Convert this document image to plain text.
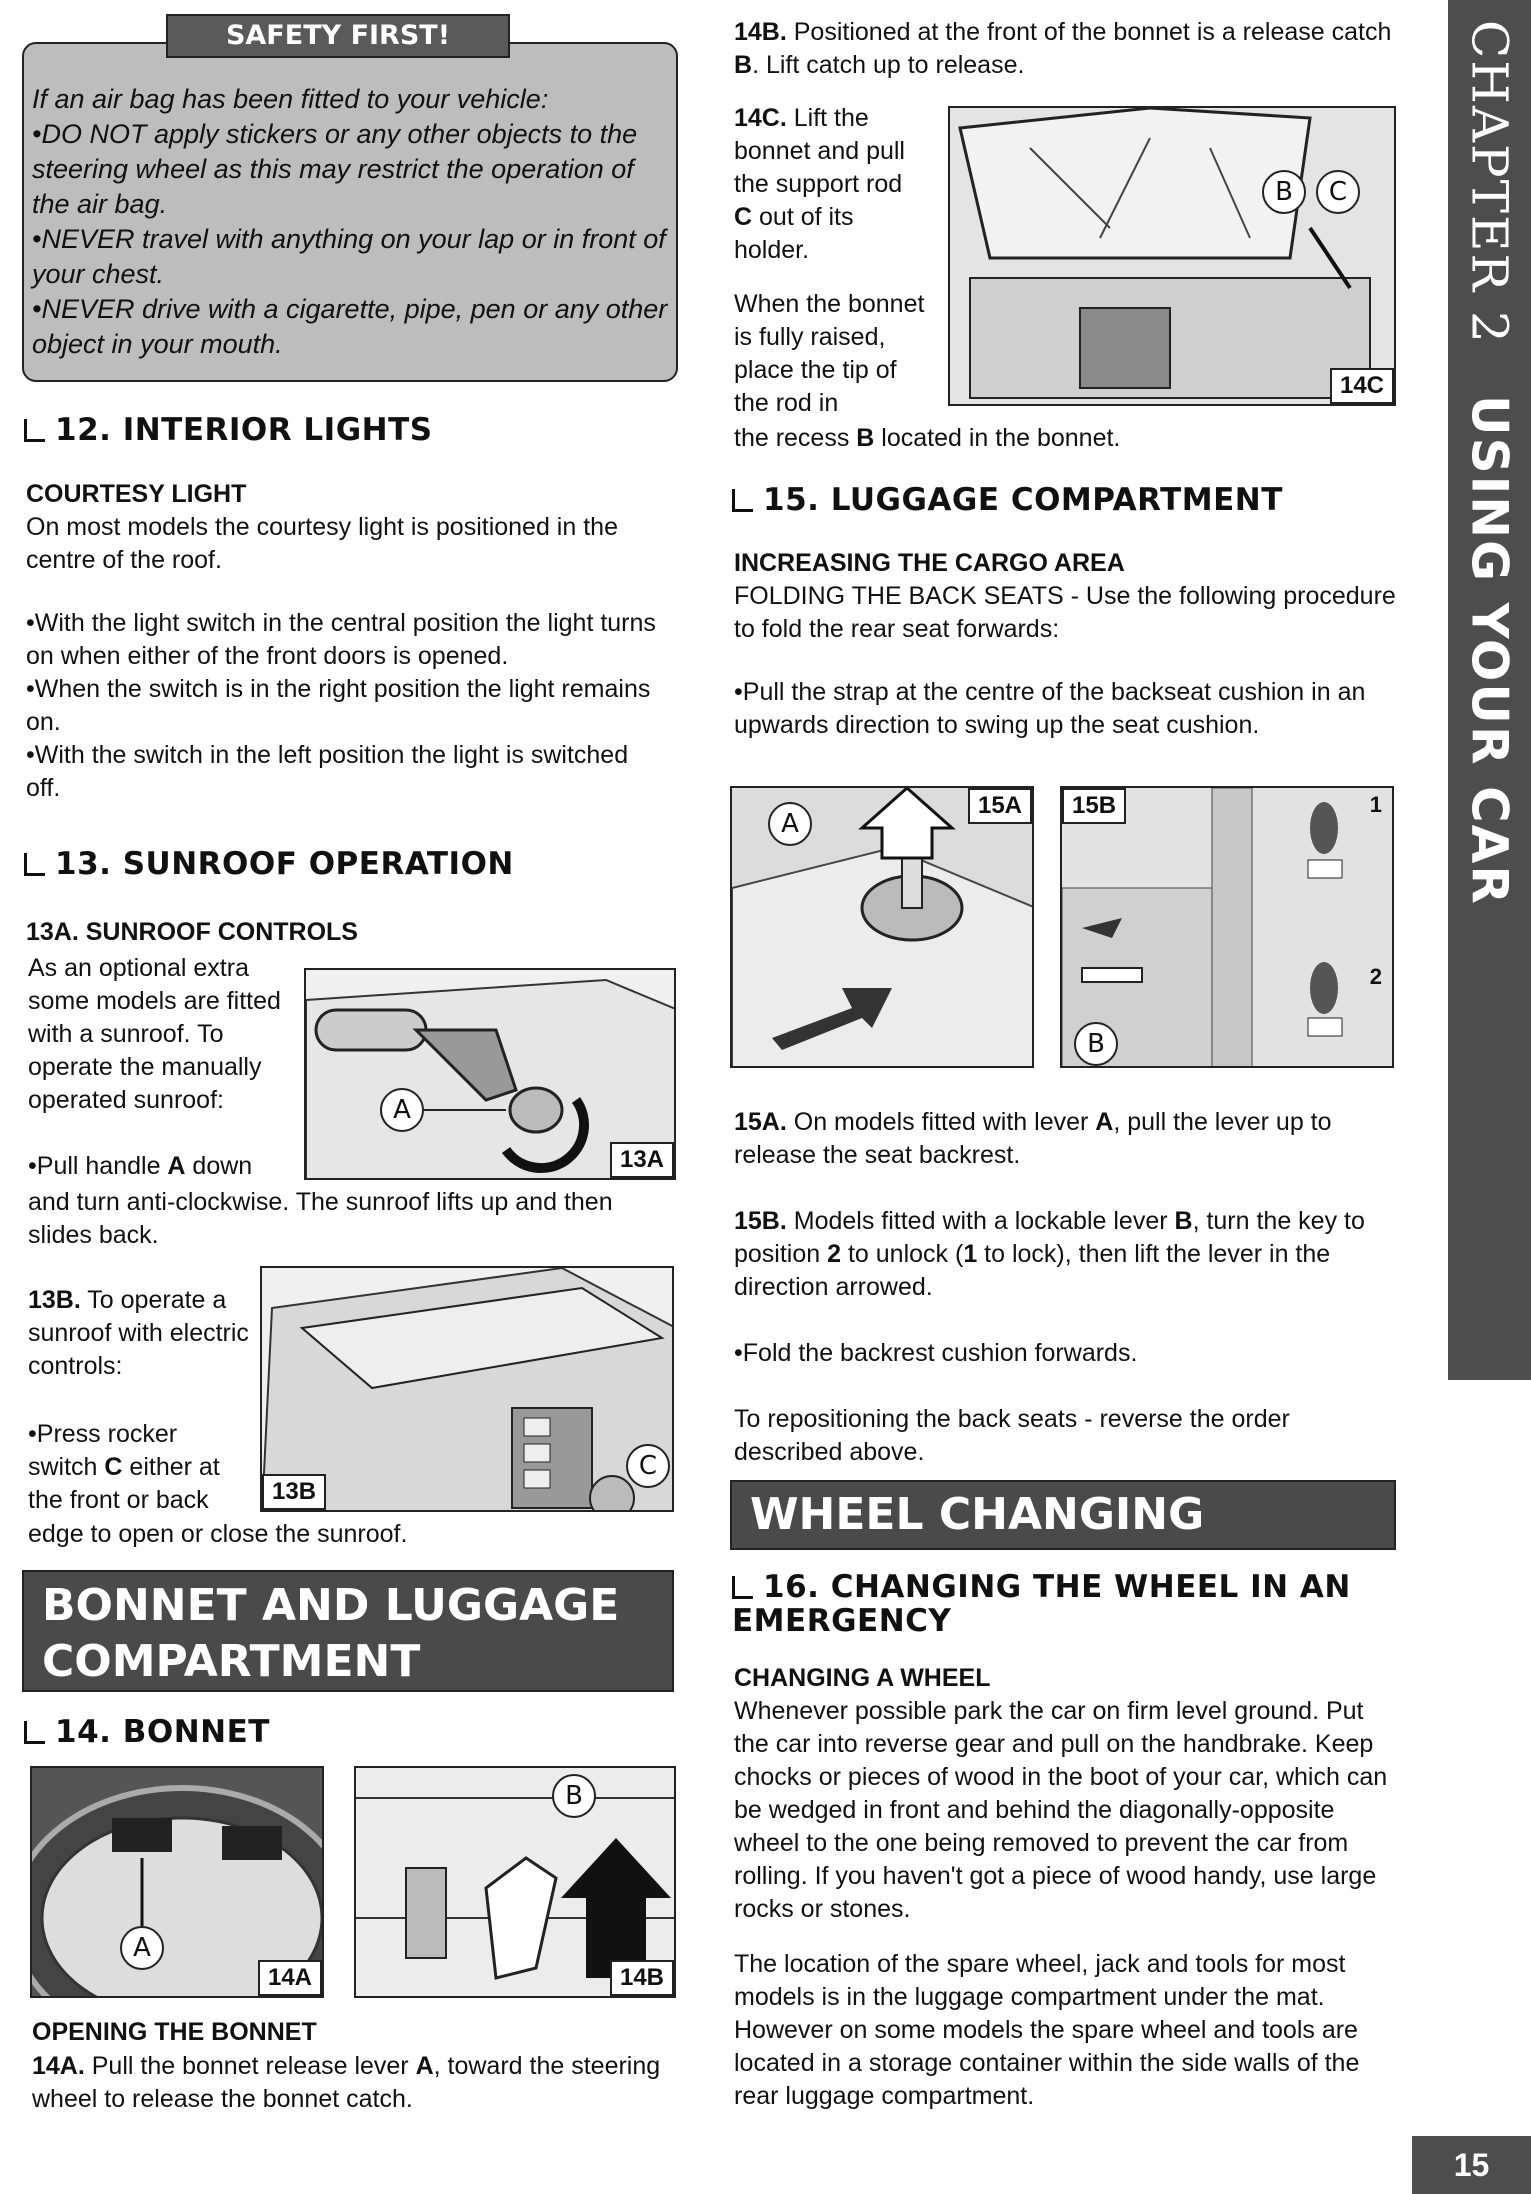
SAFETY FIRST!

If an air bag has been fitted to your vehicle:

• DO NOT apply stickers or any other objects to the steering wheel as this may restrict the operation of the air bag.

• NEVER travel with anything on your lap or in front of your chest.

• NEVER drive with a cigarette, pipe, pen or any other object in your mouth.

12. INTERIOR LIGHTS

COURTESY LIGHT

On most models the courtesy light is positioned in the centre of the roof.

• With the light switch in the central position the light turns on when either of the front doors is opened.

• When the switch is in the right position the light remains on.

• With the switch in the left position the light is switched off.

13. SUNROOF OPERATION

13A. SUNROOF CONTROLS

As an optional extra some models are fitted with a sunroof. To operate the manually operated sunroof:

• Pull handle A down

and turn anti-clockwise. The sunroof lifts up and then slides back.

A
13A

13B. To operate a sunroof with electric controls:

• Press rocker switch C either at the front or back

edge to open or close the sunroof.

C
13B
BONNET AND LUGGAGE
COMPARTMENT
14. BONNET
A
14A
B
14B

OPENING THE BONNET

14A. Pull the bonnet release lever A, toward the steering wheel to release the bonnet catch.

14B. Positioned at the front of the bonnet is a release catch B. Lift catch up to release.

14C. Lift the bonnet and pull the support rod C out of its holder.

When the bonnet is fully raised, place the tip of the rod in

the recess B located in the bonnet.

B	C
14C
15. LUGGAGE COMPARTMENT

INCREASING THE CARGO AREA

FOLDING THE BACK SEATS - Use the following procedure to fold the rear seat forwards:

• Pull the strap at the centre of the backseat cushion in an upwards direction to swing up the seat cushion.

A
15A
B
15B	1
2

15A. On models fitted with lever A, pull the lever up to release the seat backrest.

15B. Models fitted with a lockable lever B, turn the key to position 2 to unlock (1 to lock), then lift the lever in the direction arrowed.

• Fold the backrest cushion forwards.

To repositioning the back seats - reverse the order described above.

WHEEL CHANGING
16. CHANGING THE WHEEL IN AN EMERGENCY

CHANGING A WHEEL

Whenever possible park the car on firm level ground. Put the car into reverse gear and pull on the handbrake. Keep chocks or pieces of wood in the boot of your car, which can be wedged in front and behind the diagonally-opposite wheel to the one being removed to prevent the car from rolling. If you haven't got a piece of wood handy, use large rocks or stones.

The location of the spare wheel, jack and tools for most models is in the luggage compartment under the mat. However on some models the spare wheel and tools are located in a storage container within the side walls of the rear luggage compartment.

CHAPTER 2
USING YOUR CAR
15
